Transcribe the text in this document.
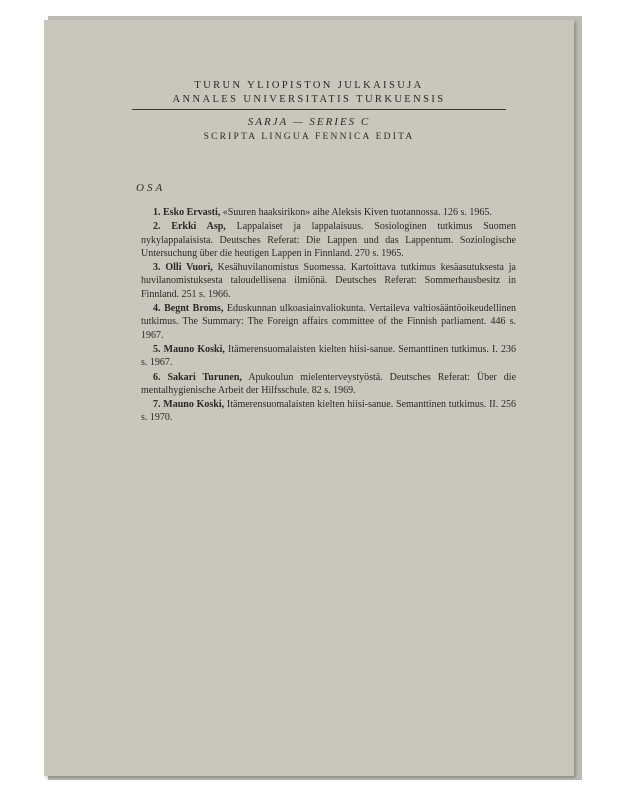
TURUN YLIOPISTON JULKAISUJA
ANNALES UNIVERSITATIS TURKUENSIS
SARJA — SERIES C
SCRIPTA LINGUA FENNICA EDITA
OSA

1. Esko Ervasti, «Suuren haaksirikon» aihe Aleksis Kiven tuotannossa. 126 s. 1965.

2. Erkki Asp, Lappalaiset ja lappalaisuus. Sosiologinen tutkimus Suomen nykylappalaisista. Deutsches Referat: Die Lappen und das Lappentum. Soziologische Untersuchung über die heutigen Lappen in Finnland. 270 s. 1965.

3. Olli Vuori, Kesähuvilanomistus Suomessa. Kartoittava tutkimus kesäasutuksesta ja huvilanomistuksesta taloudellisena ilmiönä. Deutsches Referat: Sommerhausbesitz in Finnland. 251 s. 1966.

4. Begnt Broms, Eduskunnan ulkoasiainvaliokunta. Vertaileva valtiosääntöoikeudellinen tutkimus. The Summary: The Foreign affairs committee of the Finnish parliament. 446 s. 1967.

5. Mauno Koski, Itämerensuomalaisten kielten hiisi-sanue. Semanttinen tutkimus. I. 236 s. 1967.

6. Sakari Turunen, Apukoulun mielenterveystyöstä. Deutsches Referat: Über die mentalhygienische Arbeit der Hilfsschule. 82 s. 1969.

7. Mauno Koski, Itämerensuomalaisten kielten hiisi-sanue. Semanttinen tutkimus. II. 256 s. 1970.
